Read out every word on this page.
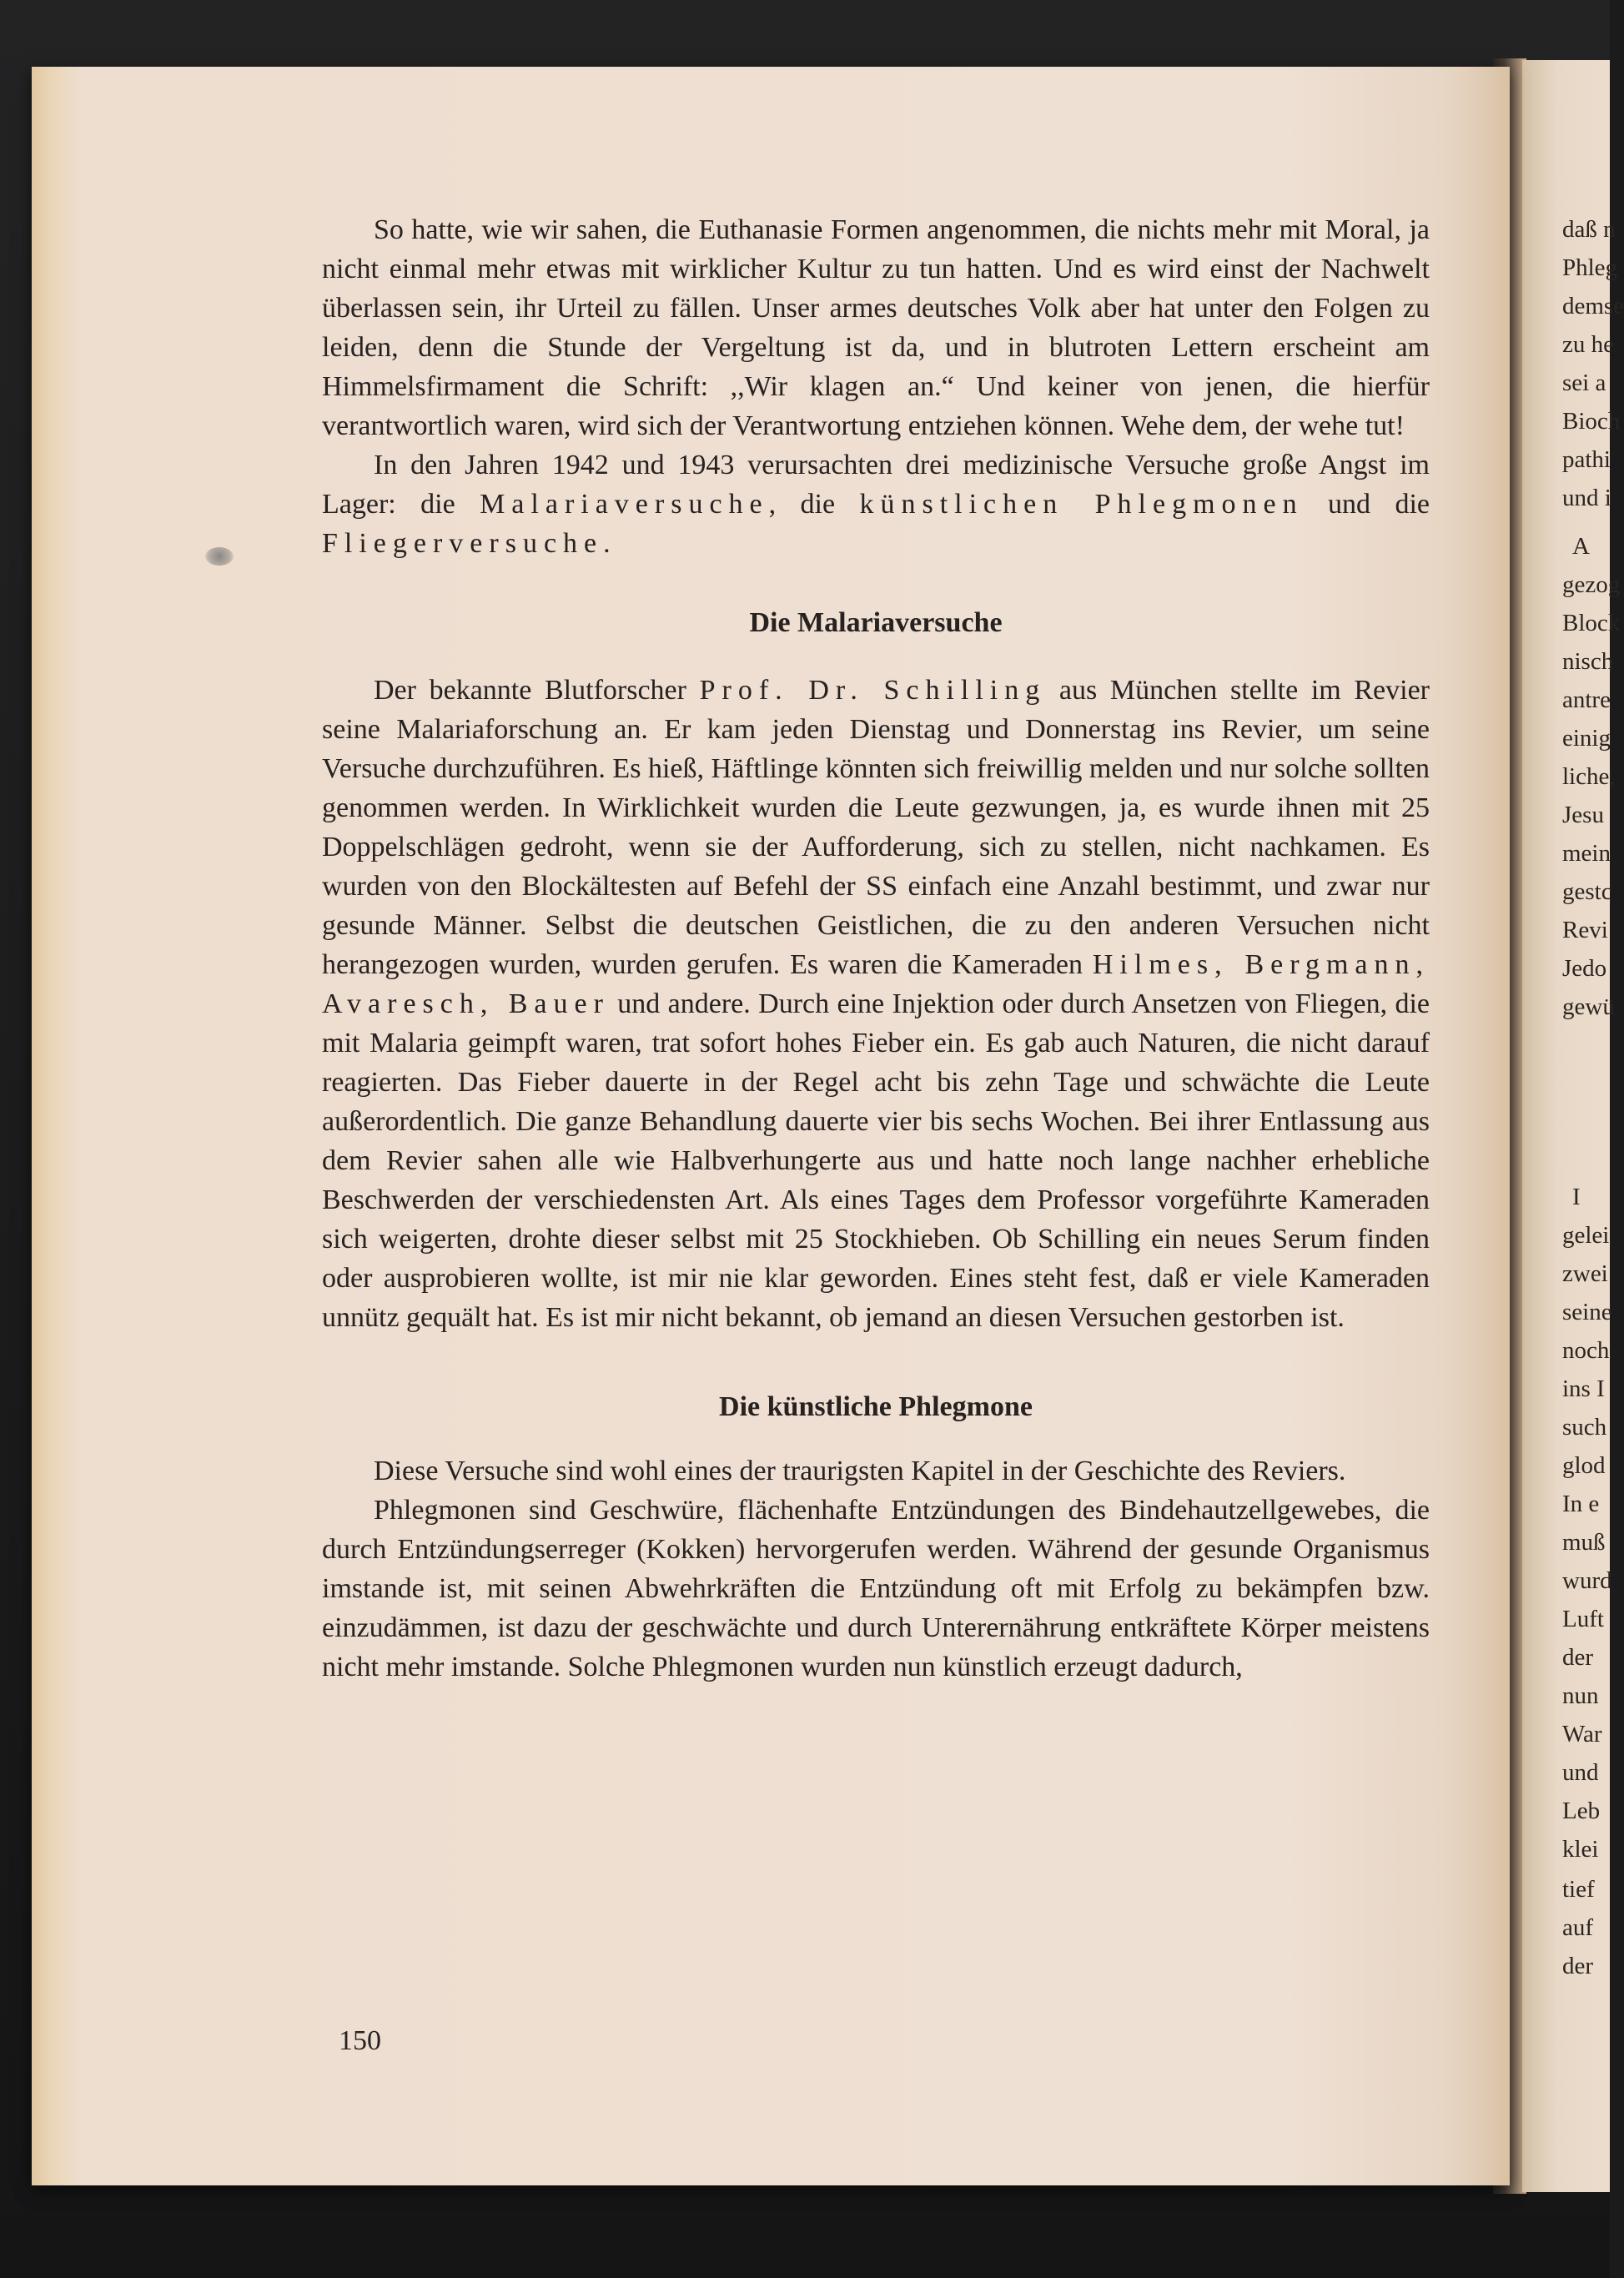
daß n
Phleg
demse
zu he
sei a
Bioch
pathi
und i
A
gezog
Block
nisch
antre
einig
liche,
Jesu
mein
gestc
Revi
Jedo
gewü
I
gelei
zwei
seine
noch
ins I
such
glod
In e
muß
wurd
Luft
der
nun
War
und
Leb
klei
tief
auf
der

So hatte, wie wir sahen, die Euthanasie Formen angenommen, die nichts mehr mit Moral, ja nicht einmal mehr etwas mit wirklicher Kultur zu tun hatten. Und es wird einst der Nachwelt überlassen sein, ihr Urteil zu fällen. Unser armes deutsches Volk aber hat unter den Folgen zu leiden, denn die Stunde der Vergeltung ist da, und in blutroten Lettern erscheint am Himmelsfirmament die Schrift: ,,Wir klagen an.“ Und keiner von jenen, die hierfür verantwortlich waren, wird sich der Verantwortung entziehen können. Wehe dem, der wehe tut!

In den Jahren 1942 und 1943 verursachten drei medizinische Versuche große Angst im Lager: die Malariaversuche, die künstlichen Phlegmonen und die Fliegerversuche.

Die Malariaversuche

Der bekannte Blutforscher Prof. Dr. Schilling aus München stellte im Revier seine Malariaforschung an. Er kam jeden Dienstag und Donnerstag ins Revier, um seine Versuche durchzuführen. Es hieß, Häftlinge könnten sich freiwillig melden und nur solche sollten genommen werden. In Wirklichkeit wurden die Leute gezwungen, ja, es wurde ihnen mit 25 Doppelschlägen gedroht, wenn sie der Aufforderung, sich zu stellen, nicht nachkamen. Es wurden von den Blockältesten auf Befehl der SS einfach eine Anzahl bestimmt, und zwar nur gesunde Männer. Selbst die deutschen Geistlichen, die zu den anderen Versuchen nicht herangezogen wurden, wurden gerufen. Es waren die Kameraden Hilmes, Bergmann, Avaresch, Bauer und andere. Durch eine Injektion oder durch Ansetzen von Fliegen, die mit Malaria geimpft waren, trat sofort hohes Fieber ein. Es gab auch Naturen, die nicht darauf reagierten. Das Fieber dauerte in der Regel acht bis zehn Tage und schwächte die Leute außerordentlich. Die ganze Behandlung dauerte vier bis sechs Wochen. Bei ihrer Entlassung aus dem Revier sahen alle wie Halbverhungerte aus und hatte noch lange nachher erhebliche Beschwerden der verschiedensten Art. Als eines Tages dem Professor vorgeführte Kameraden sich weigerten, drohte dieser selbst mit 25 Stockhieben. Ob Schilling ein neues Serum finden oder ausprobieren wollte, ist mir nie klar geworden. Eines steht fest, daß er viele Kameraden unnütz gequält hat. Es ist mir nicht bekannt, ob jemand an diesen Versuchen gestorben ist.

Die künstliche Phlegmone

Diese Versuche sind wohl eines der traurigsten Kapitel in der Geschichte des Reviers.

Phlegmonen sind Geschwüre, flächenhafte Entzündungen des Bindehautzellgewebes, die durch Entzündungserreger (Kokken) hervorgerufen werden. Während der gesunde Organismus imstande ist, mit seinen Abwehrkräften die Entzündung oft mit Erfolg zu bekämpfen bzw. einzudämmen, ist dazu der geschwächte und durch Unterernährung entkräftete Körper meistens nicht mehr imstande. Solche Phlegmonen wurden nun künstlich erzeugt dadurch,

150
